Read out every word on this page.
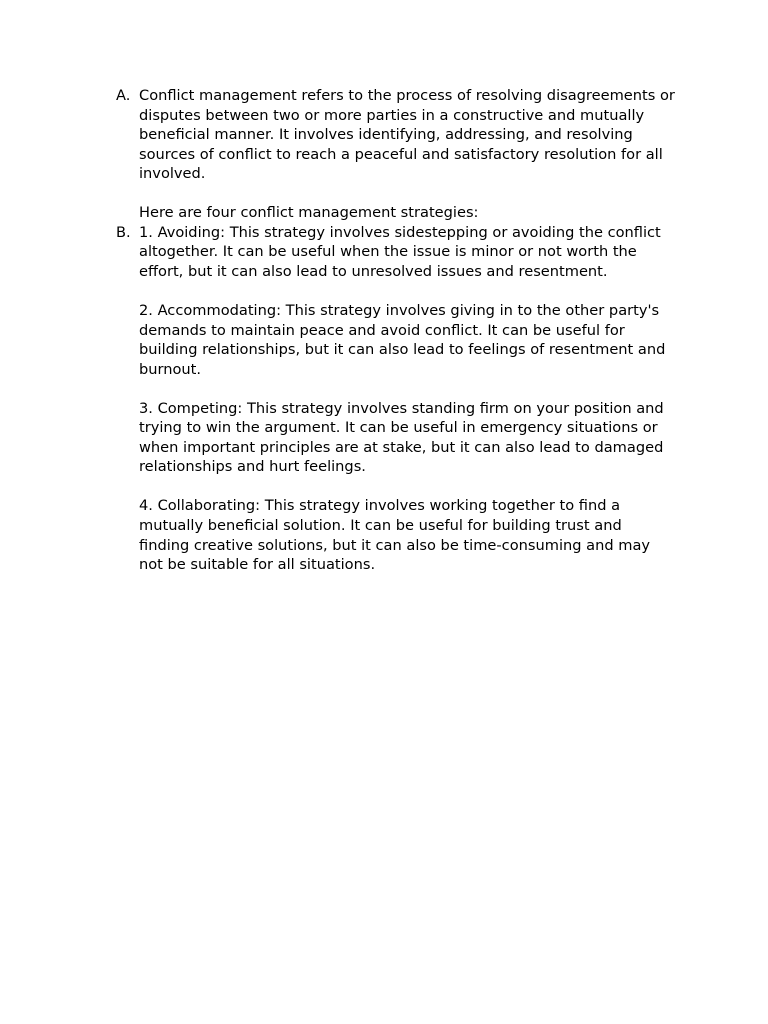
A. Conflict management refers to the process of resolving disagreements or disputes between two or more parties in a constructive and mutually beneficial manner. It involves identifying, addressing, and resolving sources of conflict to reach a peaceful and satisfactory resolution for all involved.

Here are four conflict management strategies:

B. 1. Avoiding: This strategy involves sidestepping or avoiding the conflict altogether. It can be useful when the issue is minor or not worth the effort, but it can also lead to unresolved issues and resentment.

2. Accommodating: This strategy involves giving in to the other party's demands to maintain peace and avoid conflict. It can be useful for building relationships, but it can also lead to feelings of resentment and burnout.

3. Competing: This strategy involves standing firm on your position and trying to win the argument. It can be useful in emergency situations or when important principles are at stake, but it can also lead to damaged relationships and hurt feelings.

4. Collaborating: This strategy involves working together to find a mutually beneficial solution. It can be useful for building trust and finding creative solutions, but it can also be time-consuming and may not be suitable for all situations.
